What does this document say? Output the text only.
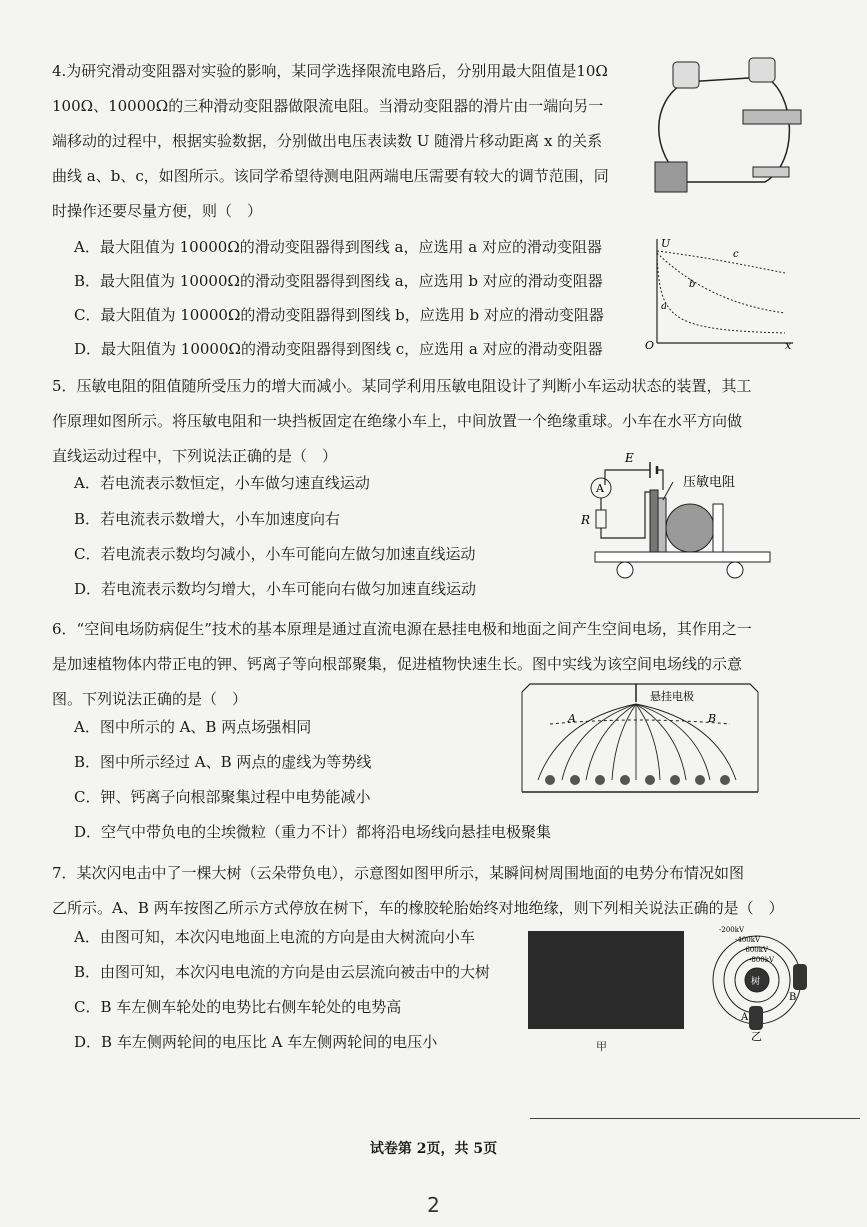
4.为研究滑动变阻器对实验的影响，某同学选择限流电路后，分别用最大阻值是10Ω
100Ω、10000Ω的三种滑动变阻器做限流电阻。当滑动变阻器的滑片由一端向另一
端移动的过程中，根据实验数据，分别做出电压表读数 U 随滑片移动距离 x 的关系
曲线 a、b、c，如图所示。该同学希望待测电阻两端电压需要有较大的调节范围，同
时操作还要尽量方便，则（　）
A．最大阻值为 10000Ω的滑动变阻器得到图线 a，应选用 a 对应的滑动变阻器
B．最大阻值为 10000Ω的滑动变阻器得到图线 a，应选用 b 对应的滑动变阻器
C．最大阻值为 10000Ω的滑动变阻器得到图线 b，应选用 b 对应的滑动变阻器
D．最大阻值为 10000Ω的滑动变阻器得到图线 c，应选用 a 对应的滑动变阻器
U
x
O
c
b
a
5．压敏电阻的阻值随所受压力的增大而减小。某同学利用压敏电阻设计了判断小车运动状态的装置，其工
作原理如图所示。将压敏电阻和一块挡板固定在绝缘小车上，中间放置一个绝缘重球。小车在水平方向做
直线运动过程中，下列说法正确的是（　）
A．若电流表示数恒定，小车做匀速直线运动
B．若电流表示数增大，小车加速度向右
C．若电流表示数均匀减小，小车可能向左做匀加速直线运动
D．若电流表示数均匀增大，小车可能向右做匀加速直线运动
E
A
R
压敏电阻
6．“空间电场防病促生”技术的基本原理是通过直流电源在悬挂电极和地面之间产生空间电场，其作用之一
是加速植物体内带正电的钾、钙离子等向根部聚集，促进植物快速生长。图中实线为该空间电场线的示意
图。下列说法正确的是（　）
A．图中所示的 A、B 两点场强相同
B．图中所示经过 A、B 两点的虚线为等势线
C．钾、钙离子向根部聚集过程中电势能减小
D．空气中带负电的尘埃微粒（重力不计）都将沿电场线向悬挂电极聚集
悬挂电极
A	B
7．某次闪电击中了一棵大树（云朵带负电），示意图如图甲所示，某瞬间树周围地面的电势分布情况如图
乙所示。A、B 两车按图乙所示方式停放在树下，车的橡胶轮胎始终对地绝缘，则下列相关说法正确的是（　）
A．由图可知，本次闪电地面上电流的方向是由大树流向小车
B．由图可知，本次闪电电流的方向是由云层流向被击中的大树
C．B 车左侧车轮处的电势比右侧车轮处的电势高
D．B 车左侧两轮间的电压比 A 车左侧两轮间的电压小	甲
树
-200kV
-400kV
-600kV
-800kV
A
B
乙
试卷第 2页，共 5页
2
